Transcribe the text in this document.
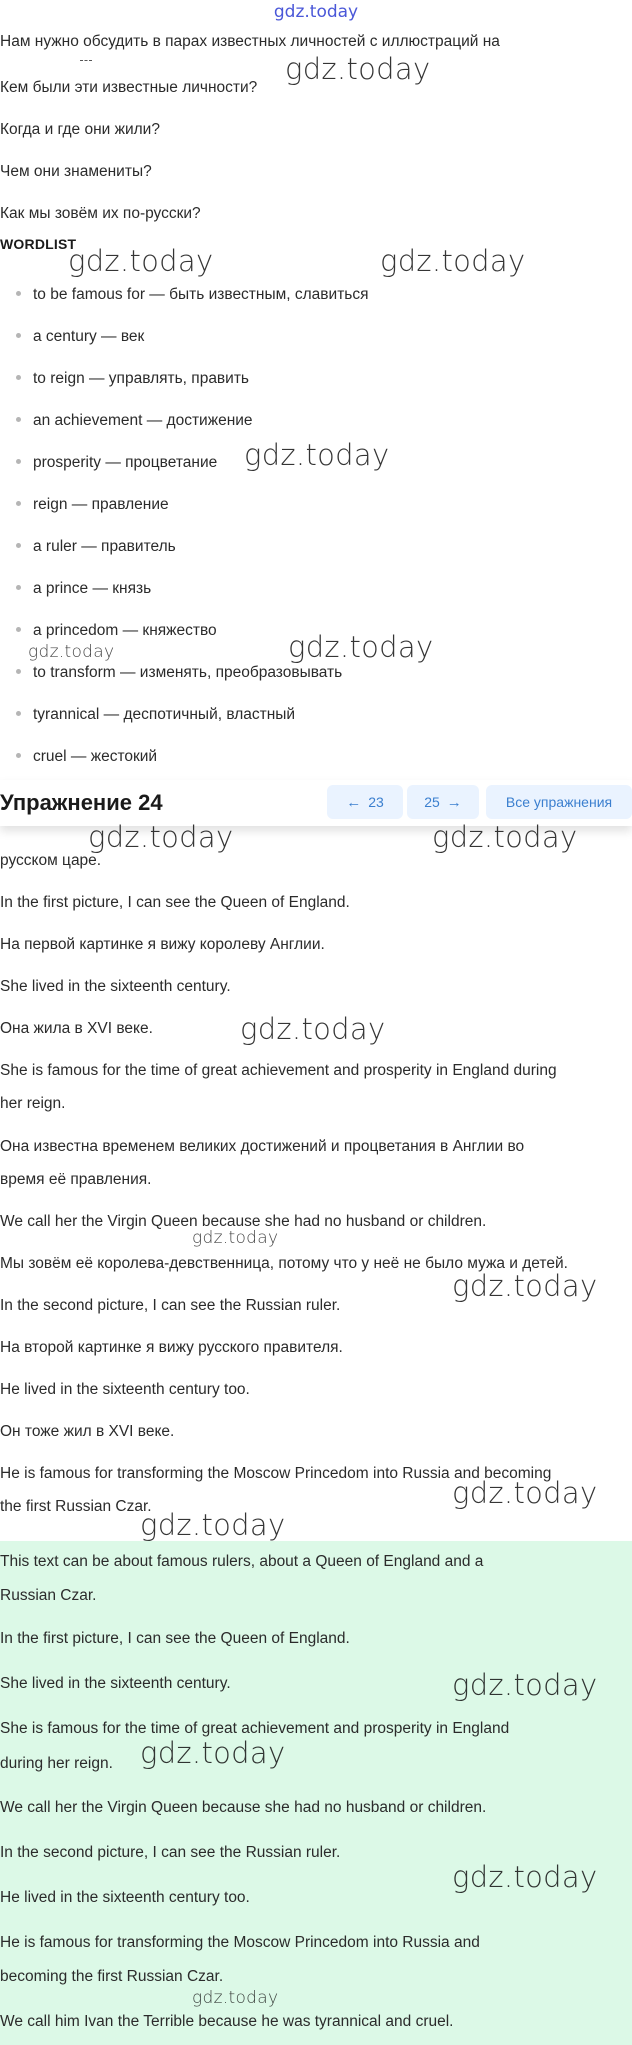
gdz.today

Нам нужно обсудить в парах известных личностей с иллюстраций на

Кем были эти известные личности?

Когда и где они жили?

Чем они знамениты?

Как мы зовём их по-русски?

WORDLIST

to be famous for — быть известным, славиться
a century — век
to reign — управлять, править
an achievement — достижение
prosperity — процветание
reign — правление
a ruler — правитель
a prince — князь
a princedom — княжество
to transform — изменять, преобразовывать
tyrannical — деспотичный, властный
cruel — жестокий

Упражнение 24	← 23	25 →	Все упражнения

русском царе.

In the first picture, I can see the Queen of England.

На первой картинке я вижу королеву Англии.

She lived in the sixteenth century.

Она жила в XVI веке.

She is famous for the time of great achievement and prosperity in England during

her reign.

Она известна временем великих достижений и процветания в Англии во

время её правления.

We call her the Virgin Queen because she had no husband or children.

Мы зовём её королева-девственница, потому что у неё не было мужа и детей.

In the second picture, I can see the Russian ruler.

На второй картинке я вижу русского правителя.

He lived in the sixteenth century too.

Он тоже жил в XVI веке.

He is famous for transforming the Moscow Princedom into Russia and becoming

the first Russian Czar.

This text can be about famous rulers, about a Queen of England and a

Russian Czar.

In the first picture, I can see the Queen of England.

She lived in the sixteenth century.

She is famous for the time of great achievement and prosperity in England

during her reign.

We call her the Virgin Queen because she had no husband or children.

In the second picture, I can see the Russian ruler.

He lived in the sixteenth century too.

He is famous for transforming the Moscow Princedom into Russia and

becoming the first Russian Czar.

We call him Ivan the Terrible because he was tyrannical and cruel.

gdz.today
gdz.today	gdz.today
gdz.today
gdz.today	gdz.today
gdz.today	gdz.today
gdz.today
gdz.today
gdz.today
gdz.today
gdz.today
gdz.today
gdz.today
gdz.today
gdz.today
